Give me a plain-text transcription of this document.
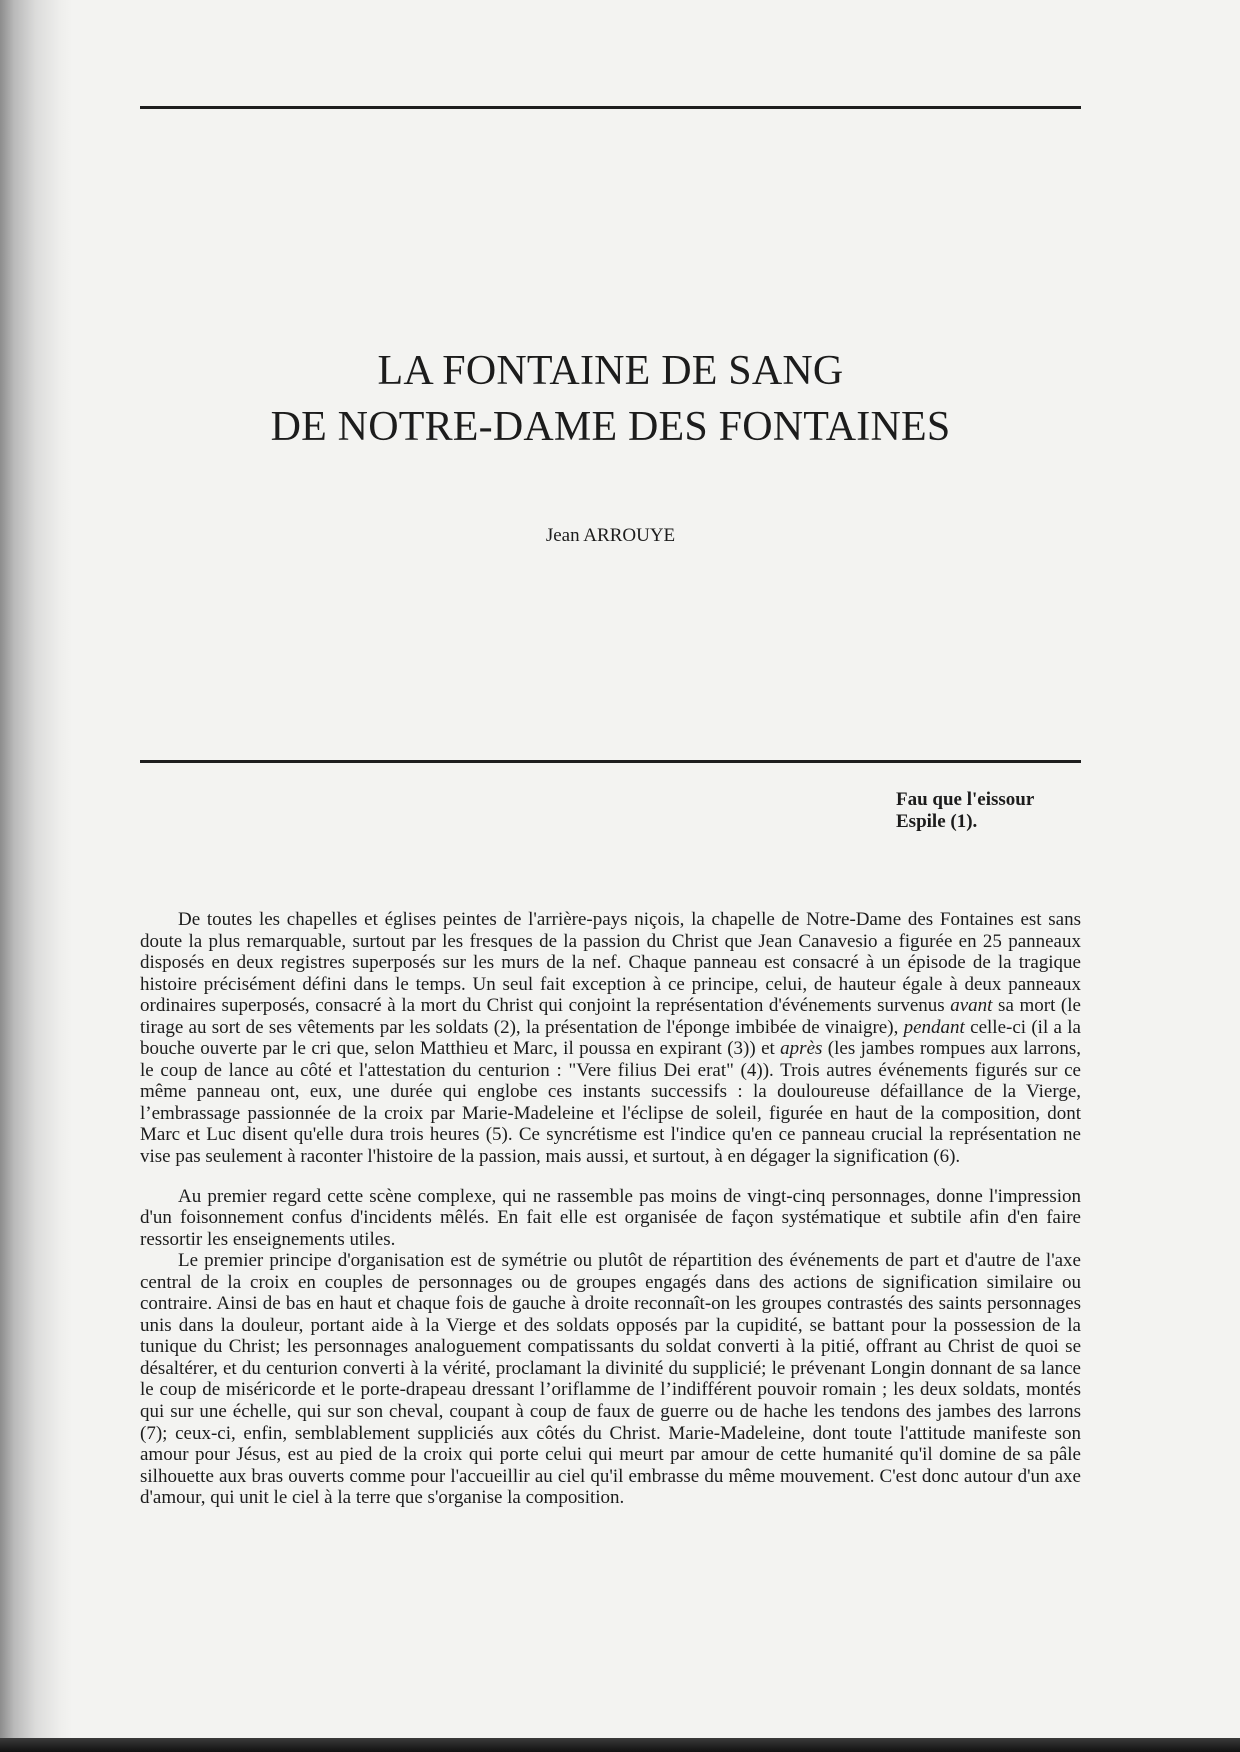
LA FONTAINE DE SANG
DE NOTRE-DAME DES FONTAINES

Jean ARROUYE

Fau que l'eissour
Espile (1).

De toutes les chapelles et églises peintes de l'arrière-pays niçois, la chapelle de Notre-Dame des Fontaines est sans doute la plus remarquable, surtout par les fresques de la passion du Christ que Jean Canavesio a figurée en 25 panneaux disposés en deux registres superposés sur les murs de la nef. Chaque panneau est consacré à un épisode de la tragique histoire précisément défini dans le temps. Un seul fait exception à ce principe, celui, de hauteur égale à deux panneaux ordinaires superposés, consacré à la mort du Christ qui conjoint la représentation d'événements survenus avant sa mort (le tirage au sort de ses vêtements par les soldats (2), la présentation de l'éponge imbibée de vinaigre), pendant celle-ci (il a la bouche ouverte par le cri que, selon Matthieu et Marc, il poussa en expirant (3)) et après (les jambes rompues aux larrons, le coup de lance au côté et l'attestation du centurion : "Vere filius Dei erat" (4)). Trois autres événements figurés sur ce même panneau ont, eux, une durée qui englobe ces instants successifs : la douloureuse défaillance de la Vierge, l’embrassage passionnée de la croix par Marie-Madeleine et l'éclipse de soleil, figurée en haut de la composition, dont Marc et Luc disent qu'elle dura trois heures (5). Ce syncrétisme est l'indice qu'en ce panneau crucial la représentation ne vise pas seulement à raconter l'histoire de la passion, mais aussi, et surtout, à en dégager la signification (6).

Au premier regard cette scène complexe, qui ne rassemble pas moins de vingt-cinq personnages, donne l'impression d'un foisonnement confus d'incidents mêlés. En fait elle est organisée de façon systématique et subtile afin d'en faire ressortir les enseignements utiles.

Le premier principe d'organisation est de symétrie ou plutôt de répartition des événements de part et d'autre de l'axe central de la croix en couples de personnages ou de groupes engagés dans des actions de signification similaire ou contraire. Ainsi de bas en haut et chaque fois de gauche à droite reconnaît-on les groupes contrastés des saints personnages unis dans la douleur, portant aide à la Vierge et des soldats opposés par la cupidité, se battant pour la possession de la tunique du Christ; les personnages analoguement compatissants du soldat converti à la pitié, offrant au Christ de quoi se désaltérer, et du centurion converti à la vérité, proclamant la divinité du supplicié; le prévenant Longin donnant de sa lance le coup de miséricorde et le porte-drapeau dressant l’oriflamme de l’indifférent pouvoir romain ; les deux soldats, montés qui sur une échelle, qui sur son cheval, coupant à coup de faux de guerre ou de hache les tendons des jambes des larrons (7); ceux-ci, enfin, semblablement suppliciés aux côtés du Christ. Marie-Madeleine, dont toute l'attitude manifeste son amour pour Jésus, est au pied de la croix qui porte celui qui meurt par amour de cette humanité qu'il domine de sa pâle silhouette aux bras ouverts comme pour l'accueillir au ciel qu'il embrasse du même mouvement. C'est donc autour d'un axe d'amour, qui unit le ciel à la terre que s'organise la composition.
